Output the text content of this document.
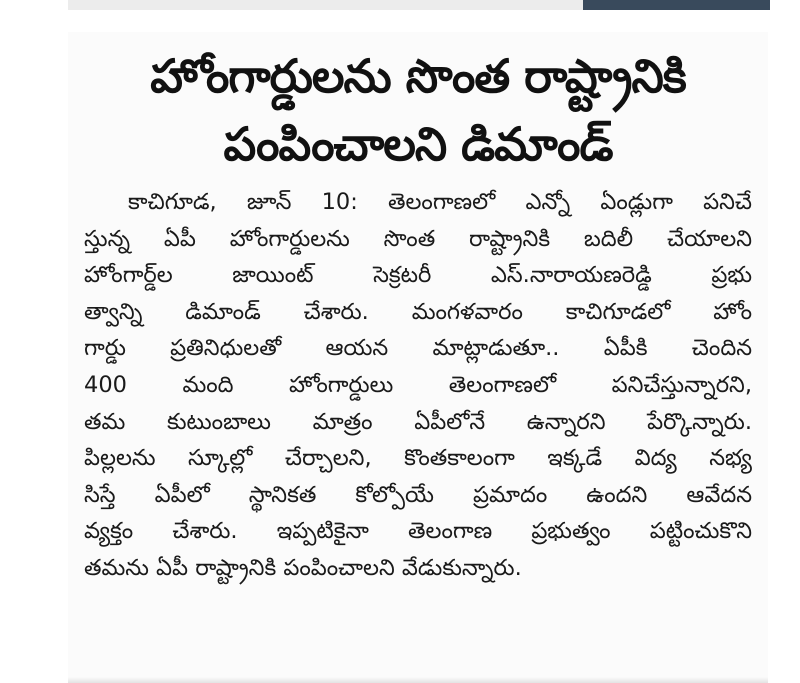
హోంగార్డులను సొంత రాష్ట్రానికి
పంపించాలని డిమాండ్
కాచిగూడ, జూన్ 10: తెలంగాణలో ఎన్నో ఏండ్లుగా పనిచే
స్తున్న ఏపీ హోంగార్డులను సొంత రాష్ట్రానికి బదిలీ చేయాలని
హోంగార్డ్‌ల జాయింట్ సెక్రటరీ ఎస్.నారాయణరెడ్డి ప్రభు
త్వాన్ని డిమాండ్ చేశారు. మంగళవారం కాచిగూడలో హోం
గార్డు ప్రతినిధులతో ఆయన మాట్లాడుతూ.. ఏపీకి చెందిన
400 మంది హోంగార్డులు తెలంగాణలో పనిచేస్తున్నారని,
తమ కుటుంబాలు మాత్రం ఏపీలోనే ఉన్నారని పేర్కొన్నారు.
పిల్లలను స్కూల్లో చేర్చాలని, కొంతకాలంగా ఇక్కడే విద్య నభ్య
సిస్తే ఏపీలో స్థానికత కోల్పోయే ప్రమాదం ఉందని ఆవేదన
వ్యక్తం చేశారు. ఇప్పటికైనా తెలంగాణ ప్రభుత్వం పట్టించుకొని
తమను ఏపీ రాష్ట్రానికి పంపించాలని వేడుకున్నారు.
